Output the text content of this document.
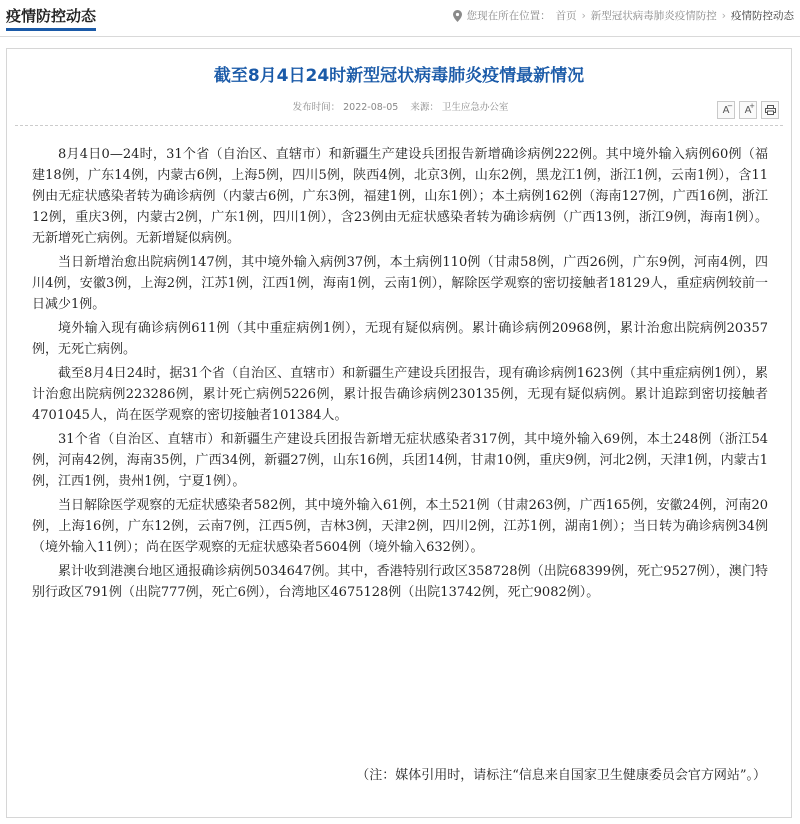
疫情防控动态	您现在所在位置： 首页 › 新型冠状病毒肺炎疫情防控 › 疫情防控动态
截至8月4日24时新型冠状病毒肺炎疫情最新情况
发布时间： 2022-08-05 来源： 卫生应急办公室	A
− A
+

8月4日0—24时，31个省（自治区、直辖市）和新疆生产建设兵团报告新增确诊病例222例。其中境外输入病例60例（福建18例，广东14例，内蒙古6例，上海5例，四川5例，陕西4例，北京3例，山东2例，黑龙江1例，浙江1例，云南1例），含11例由无症状感染者转为确诊病例（内蒙古6例，广东3例，福建1例，山东1例）；本土病例162例（海南127例，广西16例，浙江12例，重庆3例，内蒙古2例，广东1例，四川1例），含23例由无症状感染者转为确诊病例（广西13例，浙江9例，海南1例）。无新增死亡病例。无新增疑似病例。

当日新增治愈出院病例147例，其中境外输入病例37例，本土病例110例（甘肃58例，广西26例，广东9例，河南4例，四川4例，安徽3例，上海2例，江苏1例，江西1例，海南1例，云南1例），解除医学观察的密切接触者18129人，重症病例较前一日减少1例。

境外输入现有确诊病例611例（其中重症病例1例），无现有疑似病例。累计确诊病例20968例，累计治愈出院病例20357例，无死亡病例。

截至8月4日24时，据31个省（自治区、直辖市）和新疆生产建设兵团报告，现有确诊病例1623例（其中重症病例1例），累计治愈出院病例223286例，累计死亡病例5226例，累计报告确诊病例230135例，无现有疑似病例。累计追踪到密切接触者4701045人，尚在医学观察的密切接触者101384人。

31个省（自治区、直辖市）和新疆生产建设兵团报告新增无症状感染者317例，其中境外输入69例，本土248例（浙江54例，河南42例，海南35例，广西34例，新疆27例，山东16例，兵团14例，甘肃10例，重庆9例，河北2例，天津1例，内蒙古1例，江西1例，贵州1例，宁夏1例）。

当日解除医学观察的无症状感染者582例，其中境外输入61例，本土521例（甘肃263例，广西165例，安徽24例，河南20例，上海16例，广东12例，云南7例，江西5例，吉林3例，天津2例，四川2例，江苏1例，湖南1例）；当日转为确诊病例34例（境外输入11例）；尚在医学观察的无症状感染者5604例（境外输入632例）。

累计收到港澳台地区通报确诊病例5034647例。其中，香港特别行政区358728例（出院68399例，死亡9527例），澳门特别行政区791例（出院777例，死亡6例），台湾地区4675128例（出院13742例，死亡9082例）。

（注：媒体引用时，请标注“信息来自国家卫生健康委员会官方网站”。）
